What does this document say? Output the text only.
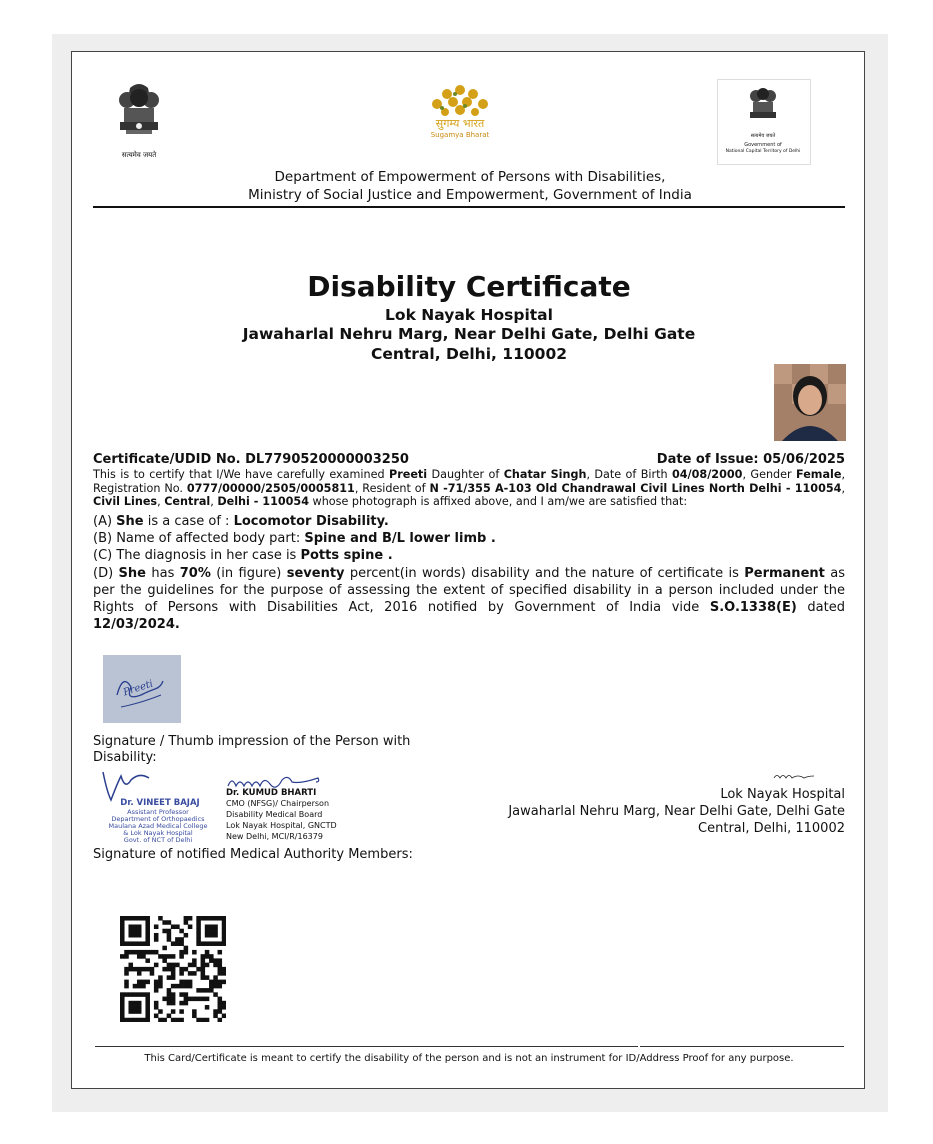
सत्यमेव जयते
सुगम्य भारत
Sugamya Bharat	सत्यमेव जयते
Government of
National Capital Territory of Delhi
Department of Empowerment of Persons with Disabilities,
Ministry of Social Justice and Empowerment, Government of India
Disability Certificate
Lok Nayak Hospital
Jawaharlal Nehru Marg, Near Delhi Gate, Delhi Gate
Central, Delhi, 110002
Certificate/UDID No. DL7790520000003250	Date of Issue: 05/06/2025
This is to certify that I/We have carefully examined Preeti Daughter of Chatar Singh, Date of Birth 04/08/2000, Gender Female, Registration No. 0777/00000/2505/0005811, Resident of N -71/355 A-103 Old Chandrawal Civil Lines North Delhi - 110054, Civil Lines, Central, Delhi - 110054 whose photograph is affixed above, and I am/we are satisfied that:
(A) She is a case of : Locomotor Disability.
(B) Name of affected body part: Spine and B/L lower limb .
(C) The diagnosis in her case is Potts spine .
(D) She has 70% (in figure) seventy percent(in words) disability and the nature of certificate is Permanent as per the guidelines for the purpose of assessing the extent of specified disability in a person included under the Rights of Persons with Disabilities Act, 2016 notified by Government of India vide S.O.1338(E) dated 12/03/2024.
Preeti
Signature / Thumb impression of the Person with Disability:
Dr. VINEET BAJAJ
Assistant Professor
Department of Orthopaedics
Maulana Azad Medical College
& Lok Nayak Hospital
Govt. of NCT of Delhi
Dr. KUMUD BHARTI
CMO (NFSG)/ Chairperson
Disability Medical Board
Lok Nayak Hospital, GNCTD
New Delhi, MCI/R/16379
Signature of notified Medical Authority Members:
Lok Nayak Hospital
Jawaharlal Nehru Marg, Near Delhi Gate, Delhi Gate
Central, Delhi, 110002
This Card/Certificate is meant to certify the disability of the person and is not an instrument for ID/Address Proof for any purpose.
